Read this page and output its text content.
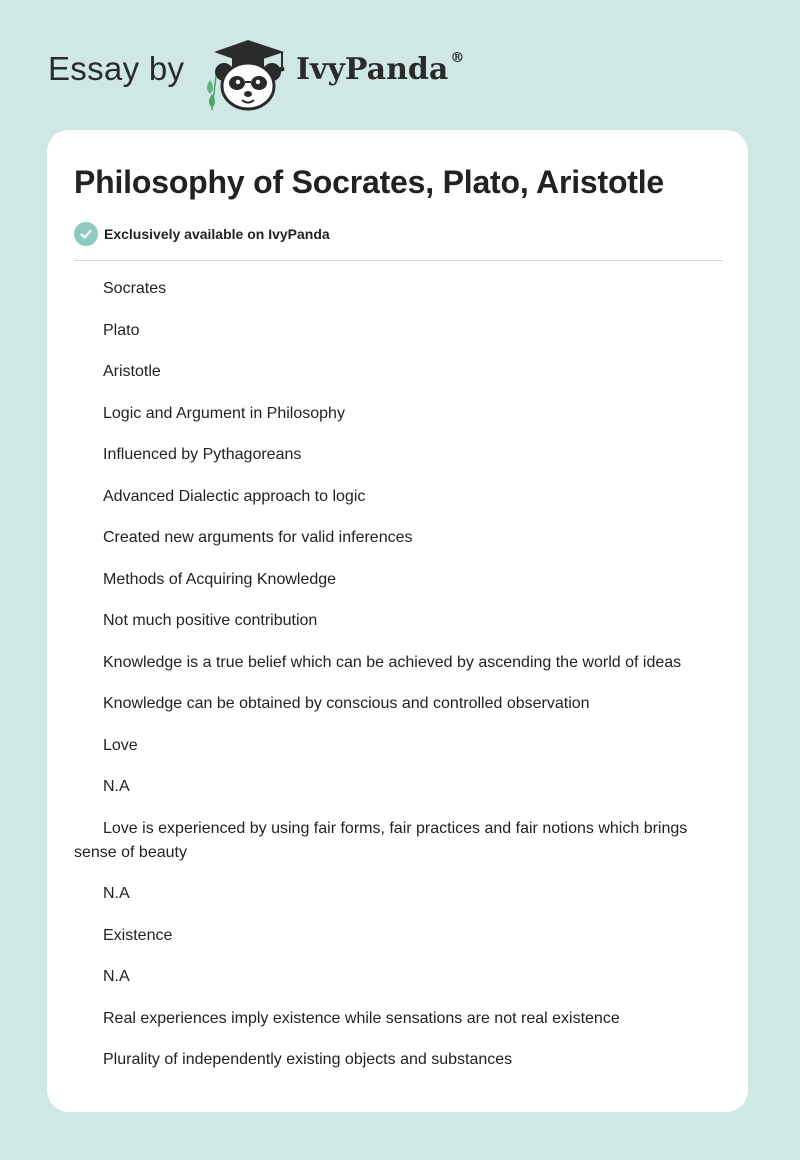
Essay by	IvyPanda ®
Philosophy of Socrates, Plato, Aristotle
Exclusively available on IvyPanda

Socrates

Plato

Aristotle

Logic and Argument in Philosophy

Influenced by Pythagoreans

Advanced Dialectic approach to logic

Created new arguments for valid inferences

Methods of Acquiring Knowledge

Not much positive contribution

Knowledge is a true belief which can be achieved by ascending the world of ideas

Knowledge can be obtained by conscious and controlled observation

Love

N.A

Love is experienced by using fair forms, fair practices and fair notions which brings sense of beauty

N.A

Existence

N.A

Real experiences imply existence while sensations are not real existence

Plurality of independently existing objects and substances
